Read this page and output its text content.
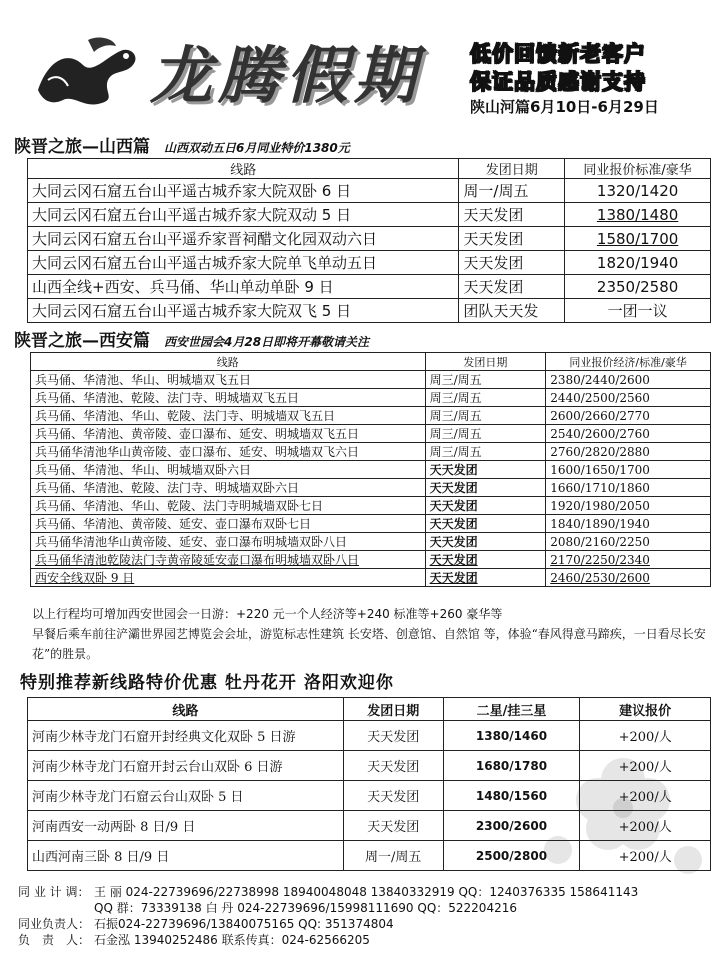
龙腾假期 低价回馈新老客户
保证品质感谢支持
陕山河篇6月10日-6月29日
陕晋之旅—山西篇 山西双动五日6月同业特价1380元
线路	发团日期	同业报价标准/豪华
大同云冈石窟五台山平遥古城乔家大院双卧 6 日	周一/周五	1320/1420
大同云冈石窟五台山平遥古城乔家大院双动 5 日	天天发团	1380/1480
大同云冈石窟五台山平遥乔家晋祠醋文化园双动六日	天天发团	1580/1700
大同云冈石窟五台山平遥古城乔家大院单飞单动五日	天天发团	1820/1940
山西全线+西安、兵马俑、华山单动单卧 9 日	天天发团	2350/2580
大同云冈石窟五台山平遥古城乔家大院双飞 5 日	团队天天发	一团一议
陕晋之旅—西安篇 西安世园会4月28日即将开幕敬请关注
线路	发团日期	同业报价经济/标准/豪华
兵马俑、华清池、华山、明城墙双飞五日	周三/周五	2380/2440/2600
兵马俑、华清池、乾陵、法门寺、明城墙双飞五日	周三/周五	2440/2500/2560
兵马俑、华清池、华山、乾陵、法门寺、明城墙双飞五日	周三/周五	2600/2660/2770
兵马俑、华清池、黄帝陵、壶口瀑布、延安、明城墙双飞五日	周三/周五	2540/2600/2760
兵马俑华清池华山黄帝陵、壶口瀑布、延安、明城墙双飞六日	周三/周五	2760/2820/2880
兵马俑、华清池、华山、明城墙双卧六日	天天发团	1600/1650/1700
兵马俑、华清池、乾陵、法门寺、明城墙双卧六日	天天发团	1660/1710/1860
兵马俑、华清池、华山、乾陵、法门寺明城墙双卧七日	天天发团	1920/1980/2050
兵马俑、华清池、黄帝陵、延安、壶口瀑布双卧七日	天天发团	1840/1890/1940
兵马俑华清池华山黄帝陵、延安、壶口瀑布明城墙双卧八日	天天发团	2080/2160/2250
兵马俑华清池乾陵法门寺黄帝陵延安壶口瀑布明城墙双卧八日	天天发团	2170/2250/2340
西安全线双卧 9 日	天天发团	2460/2530/2600
以上行程均可增加西安世园会一日游：+220 元一个人经济等+240 标准等+260 豪华等
早餐后乘车前往浐灞世界园艺博览会会址，游览标志性建筑 长安塔、创意馆、自然馆 等，体验“春风得意马蹄疾，一日看尽长安花”的胜景。
特别推荐新线路特价优惠 牡丹花开 洛阳欢迎你
线路	发团日期	二星/挂三星	建议报价
河南少林寺龙门石窟开封经典文化双卧 5 日游	天天发团	1380/1460	+200/人
河南少林寺龙门石窟开封云台山双卧 6 日游	天天发团	1680/1780	+200/人
河南少林寺龙门石窟云台山双卧 5 日	天天发团	1480/1560	+200/人
河南西安一动两卧 8 日/9 日	天天发团	2300/2600	+200/人
山西河南三卧 8 日/9 日	周一/周五	2500/2800	+200/人
同 业 计 调： 王 丽 024-22739696/22738998 18940048048 13840332919 QQ：1240376335 158641143
QQ 群：73339138 白 丹 024-22739696/15998111690 QQ：522204216
同业负责人： 石振024-22739696/13840075165 QQ: 351374804
负　责　人： 石金泓 13940252486 联系传真：024-62566205
